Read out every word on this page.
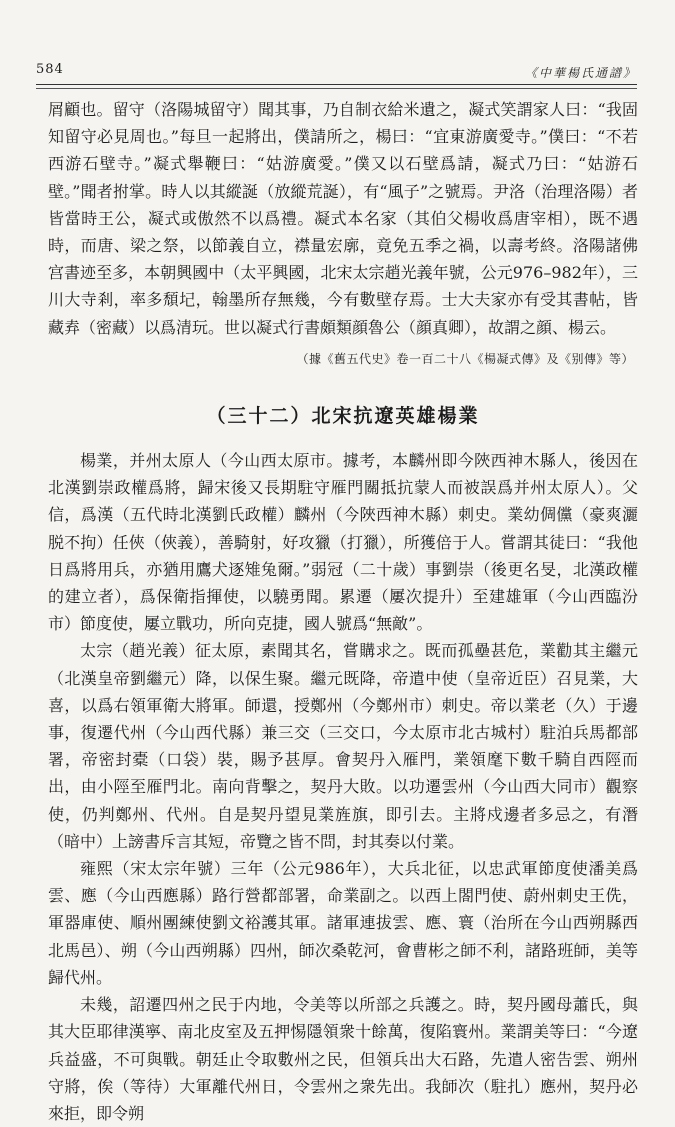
584	《中華楊氏通譜》

屑顧也。留守（洛陽城留守）聞其事，乃自制衣給米遺之，凝式笑謂家人曰：“我固知留守必見周也。”每旦一起將出，僕請所之，楊曰：“宜東游廣愛寺。”僕曰：“不若西游石壁寺。”凝式舉鞭曰：“姑游廣愛。”僕又以石壁爲請，凝式乃曰：“姑游石壁。”聞者拊掌。時人以其縱誕（放縱荒誕），有“風子”之號焉。尹洛（治理洛陽）者皆當時王公，凝式或傲然不以爲禮。凝式本名家（其伯父楊收爲唐宰相），既不遇時，而唐、梁之祭，以節義自立，襟量宏廓，竟免五季之禍，以壽考終。洛陽諸佛宫書迹至多，本朝興國中（太平興國，北宋太宗趙光義年號，公元976–982年），三川大寺剎，率多頹圮，翰墨所存無幾，今有數壁存焉。士大夫家亦有受其書帖，皆藏弆（密藏）以爲清玩。世以凝式行書頗類顔魯公（顔真卿），故謂之顔、楊云。

（據《舊五代史》卷一百二十八《楊凝式傳》及《别傳》等）
（三十二）北宋抗遼英雄楊業

楊業，并州太原人（今山西太原市。據考，本麟州即今陜西神木縣人，後因在北漢劉崇政權爲將，歸宋後又長期駐守雁門關抵抗蒙人而被誤爲并州太原人）。父信，爲漢（五代時北漢劉氏政權）麟州（今陜西神木縣）刺史。業幼倜儻（豪爽灑脱不拘）任俠（俠義），善騎射，好攻獵（打獵），所獲倍于人。嘗謂其徒曰：“我他日爲將用兵，亦猶用鷹犬逐雉兔爾。”弱冠（二十歲）事劉崇（後更名旻，北漢政權的建立者），爲保衛指揮使，以驍勇聞。累遷（屢次提升）至建雄軍（今山西臨汾市）節度使，屢立戰功，所向克捷，國人號爲“無敵”。

太宗（趙光義）征太原，素聞其名，嘗購求之。既而孤壘甚危，業勸其主繼元（北漢皇帝劉繼元）降，以保生聚。繼元既降，帝遣中使（皇帝近臣）召見業，大喜，以爲右領軍衛大將軍。師還，授鄭州（今鄭州市）刺史。帝以業老（久）于邊事，復遷代州（今山西代縣）兼三交（三交口，今太原市北古城村）駐泊兵馬都部署，帝密封橐（口袋）裝，賜予甚厚。會契丹入雁門，業領麾下數千騎自西陘而出，由小陘至雁門北。南向背擊之，契丹大敗。以功遷雲州（今山西大同市）觀察使，仍判鄭州、代州。自是契丹望見業旌旗，即引去。主將戍邊者多忌之，有潛（暗中）上謗書斥言其短，帝覽之皆不問，封其奏以付業。

雍熙（宋太宗年號）三年（公元986年），大兵北征，以忠武軍節度使潘美爲雲、應（今山西應縣）路行營都部署，命業副之。以西上閤門使、蔚州刺史王侁，軍器庫使、順州團練使劉文裕護其軍。諸軍連拔雲、應、寰（治所在今山西朔縣西北馬邑）、朔（今山西朔縣）四州，師次桑乾河，會曹彬之師不利，諸路班師，美等歸代州。

未幾，詔遷四州之民于内地，令美等以所部之兵護之。時，契丹國母蕭氏，與其大臣耶律漢寧、南北皮室及五押惕隱領衆十餘萬，復陷寰州。業謂美等曰：“今遼兵益盛，不可與戰。朝廷止令取數州之民，但領兵出大石路，先遣人密告雲、朔州守將，俟（等待）大軍離代州日，令雲州之衆先出。我師次（駐扎）應州，契丹必來拒，即令朔
